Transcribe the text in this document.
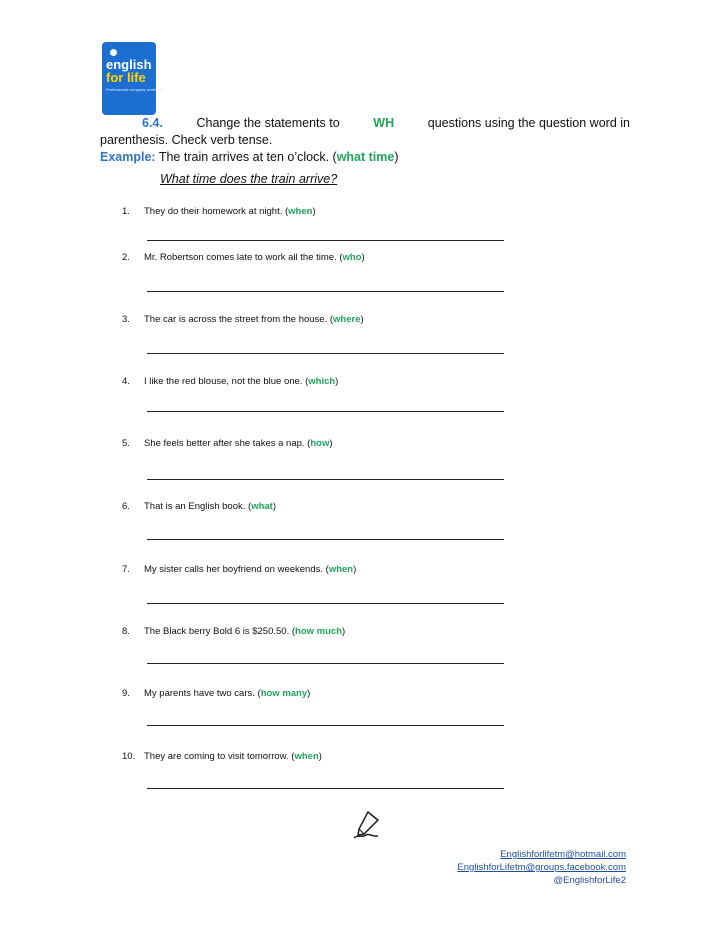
english
for life
Professional company workforce
6.4.	Change the statements to	WH	questions using the question word in
parenthesis. Check verb tense.
Example: The train arrives at ten o’clock. (what time)
What time does the train arrive?
1. They do their homework at night. (when)
2. Mr. Robertson comes late to work all the time. (who)
3. The car is across the street from the house. (where)
4. I like the red blouse, not the blue one. (which)
5. She feels better after she takes a nap. (how)
6. That is an English book. (what)
7. My sister calls her boyfriend on weekends. (when)
8. The Black berry Bold 6 is $250.50. (how much)
9. My parents have two cars. (how many)
10. They are coming to visit tomorrow. (when)
Englishforlifetm@hotmail.com
EnglishforLifetm@groups.facebook.com
@EnglishforLife2
